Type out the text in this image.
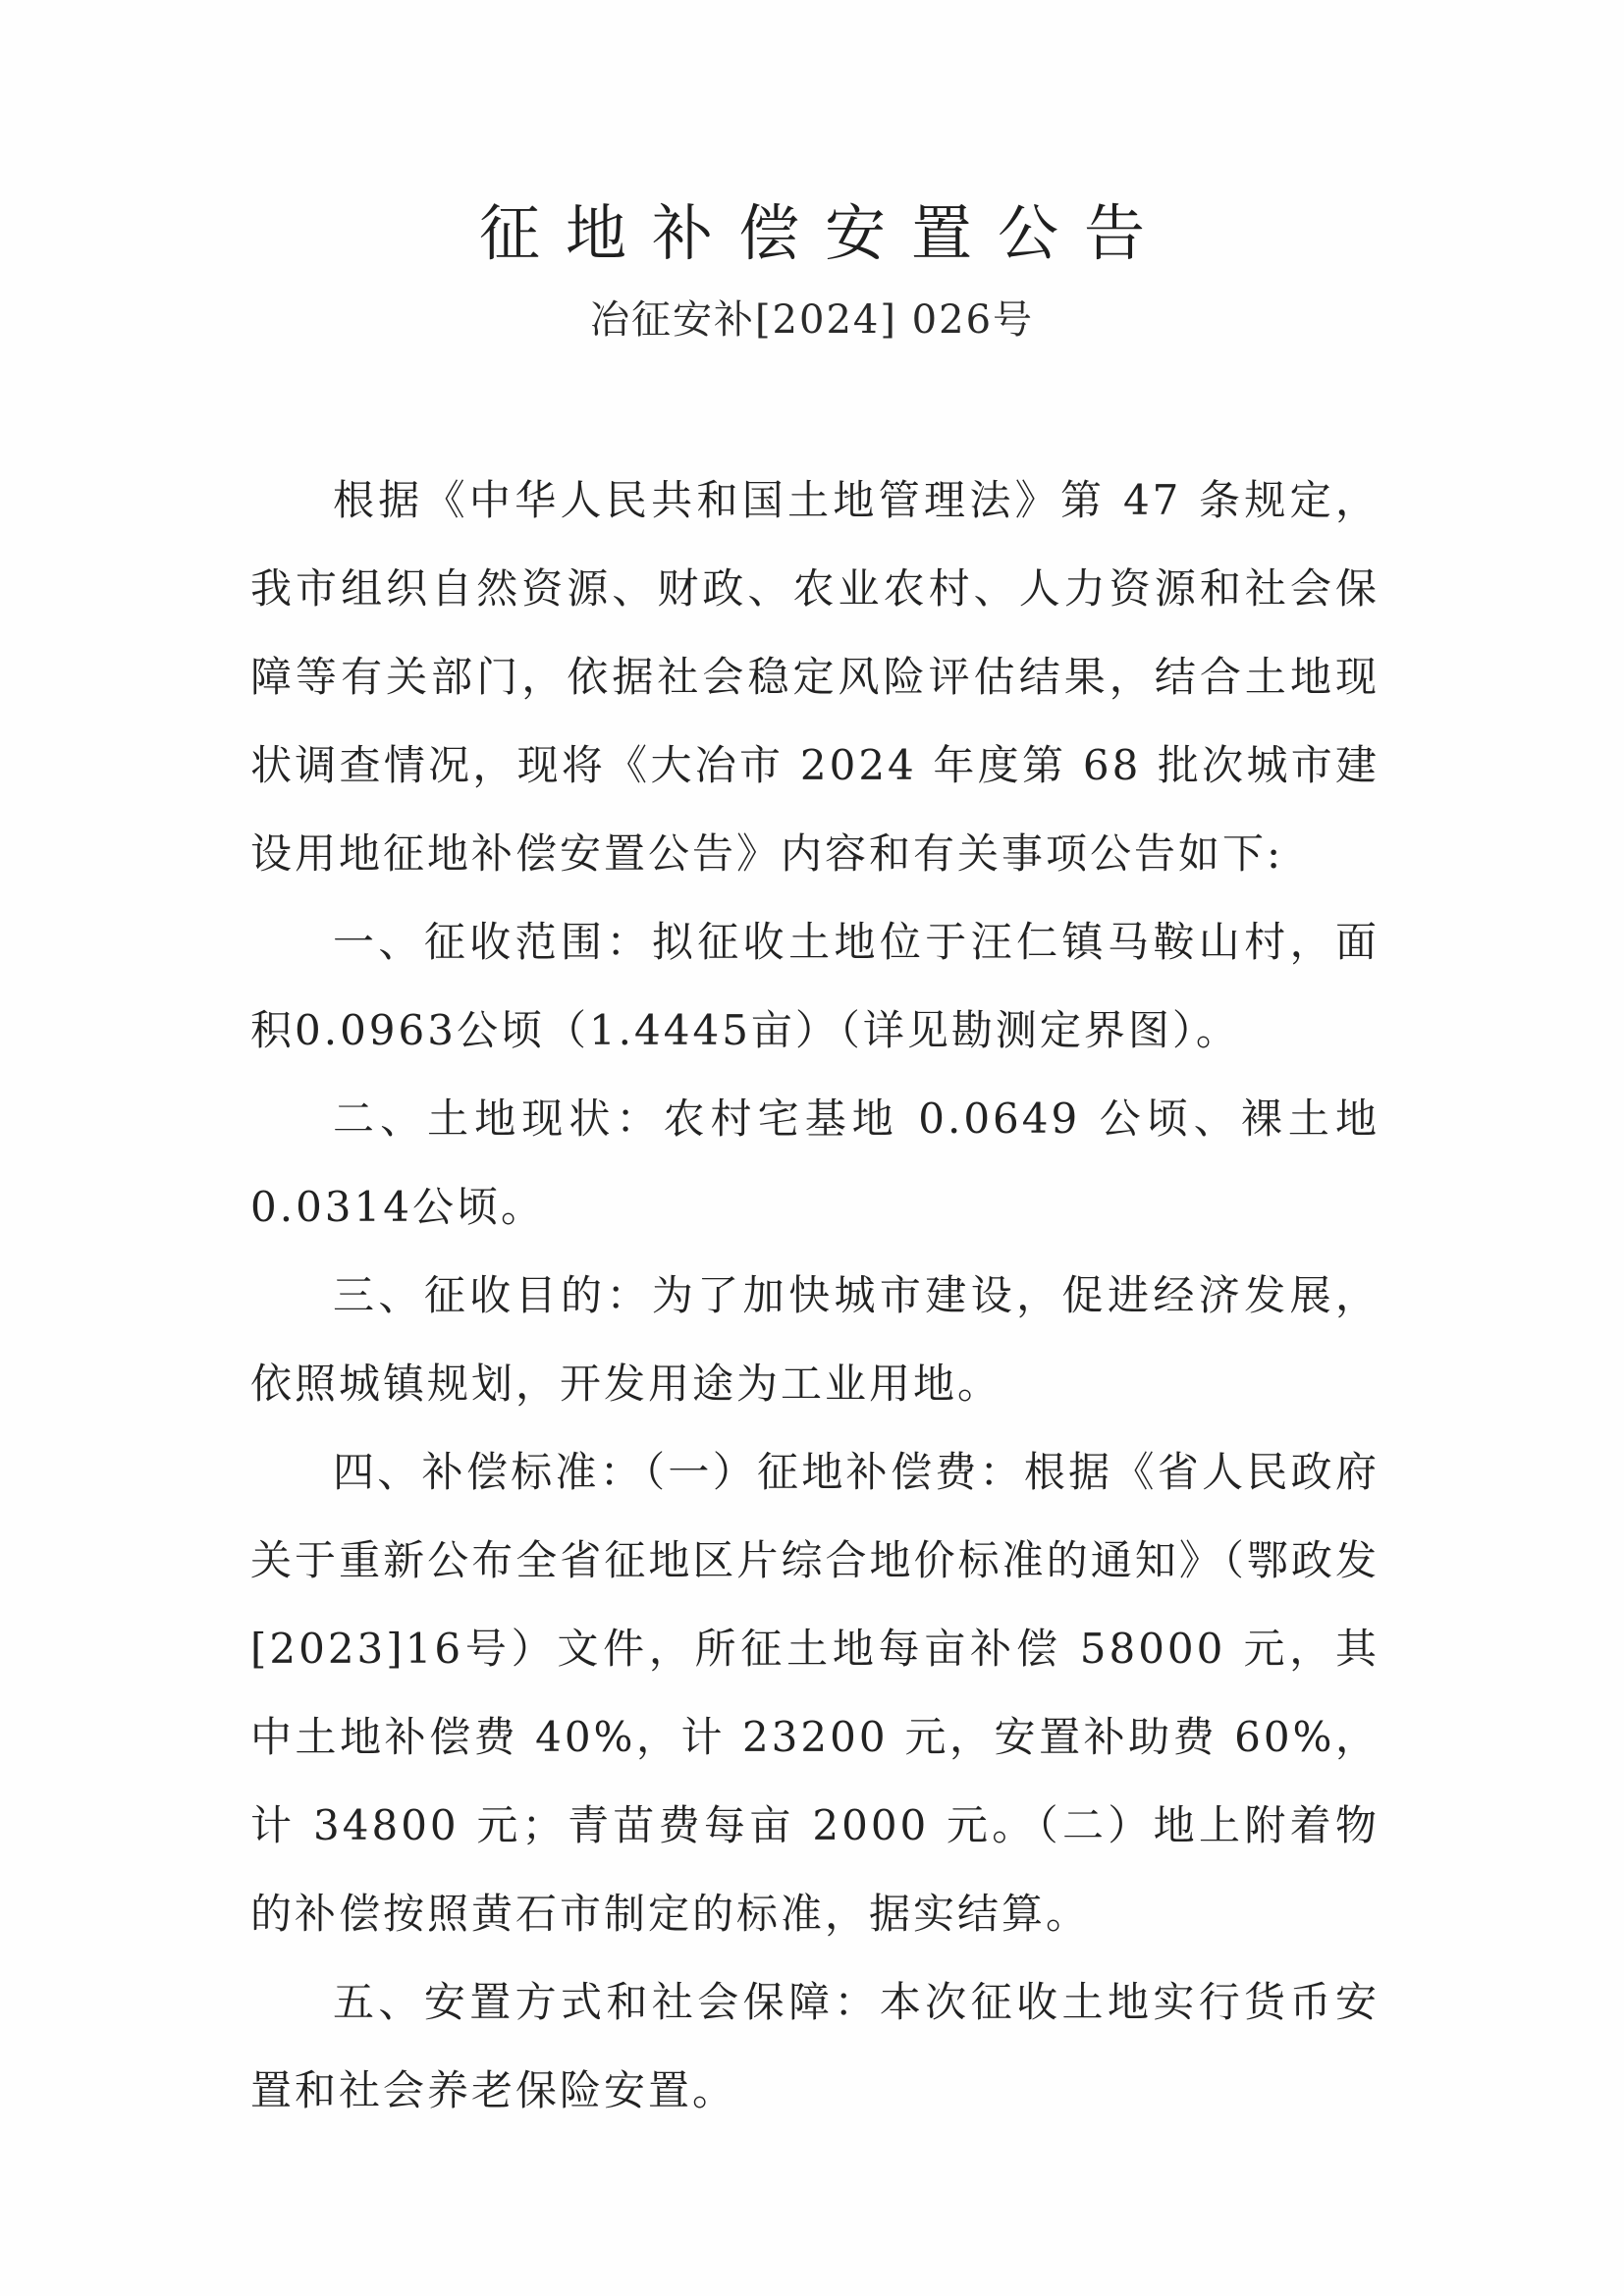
征地补偿安置公告
冶征安补[2024] 026号

根据《中华人民共和国土地管理法》第 47 条规定，我市组织自然资源、财政、农业农村、人力资源和社会保障等有关部门，依据社会稳定风险评估结果，结合土地现状调查情况，现将《大冶市 2024 年度第 68 批次城市建设用地征地补偿安置公告》内容和有关事项公告如下:

一、征收范围：拟征收土地位于汪仁镇马鞍山村，面积0.0963公顷（1.4445亩）（详见勘测定界图）。

二、土地现状：农村宅基地 0.0649 公顷、裸土地 0.0314公顷。

三、征收目的：为了加快城市建设，促进经济发展，依照城镇规划，开发用途为工业用地。

四、补偿标准：（一）征地补偿费：根据《省人民政府关于重新公布全省征地区片综合地价标准的通知》（鄂政发[2023]16号）文件，所征土地每亩补偿 58000 元，其中土地补偿费 40%，计 23200 元，安置补助费 60%，计 34800 元；青苗费每亩 2000 元。（二）地上附着物的补偿按照黄石市制定的标准，据实结算。

五、安置方式和社会保障：本次征收土地实行货币安置和社会养老保险安置。
